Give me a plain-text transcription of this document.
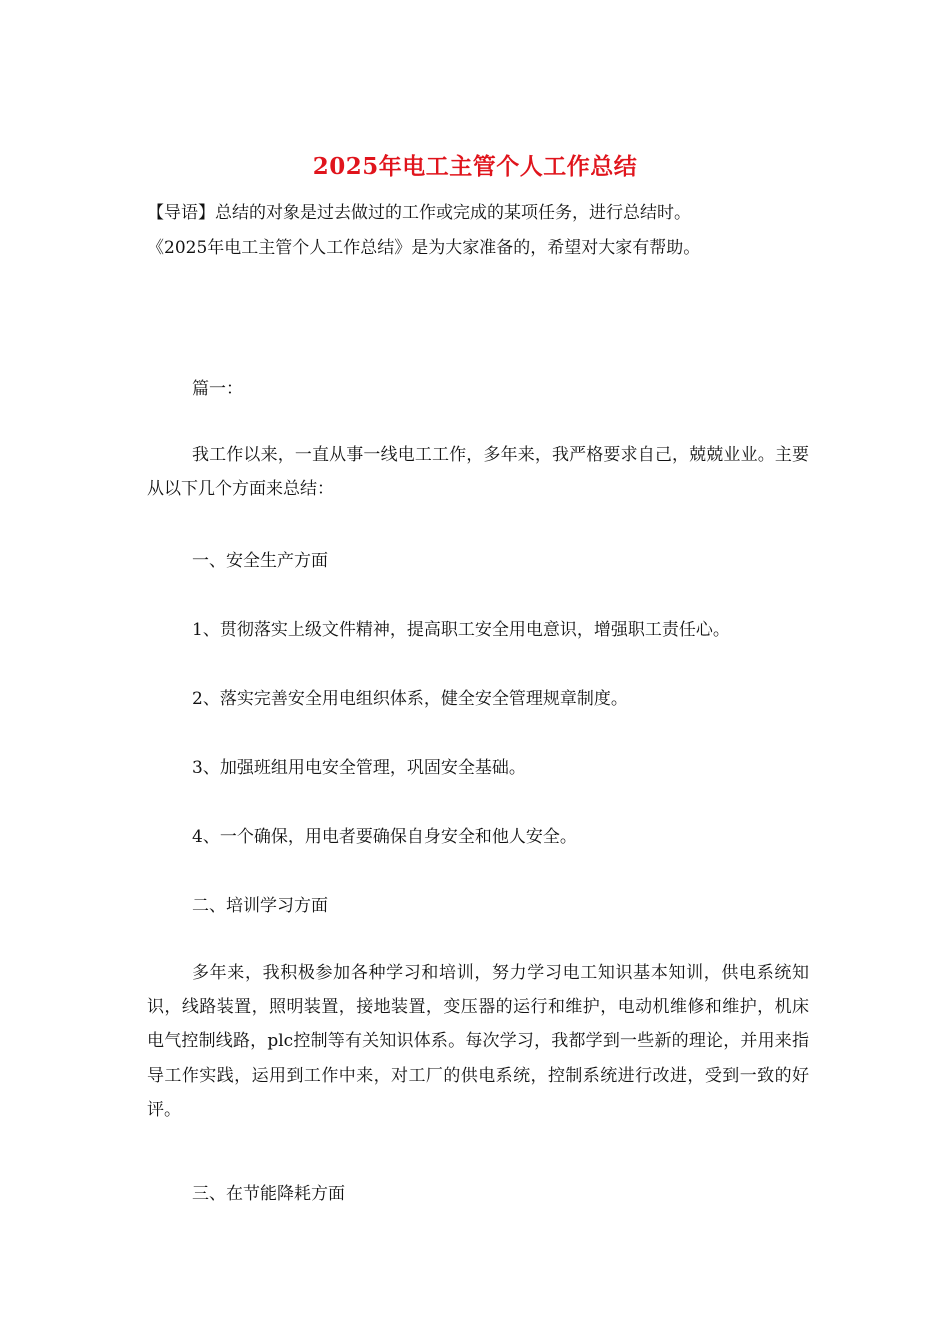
2025年电工主管个人工作总结
【导语】总结的对象是过去做过的工作或完成的某项任务，进行总结时。
《2025年电工主管个人工作总结》是为大家准备的，希望对大家有帮助。
篇一：
我工作以来，一直从事一线电工工作，多年来，我严格要求自己，兢兢业业。主要从以下几个方面来总结：
一、安全生产方面
1、贯彻落实上级文件精神，提高职工安全用电意识，增强职工责任心。
2、落实完善安全用电组织体系，健全安全管理规章制度。
3、加强班组用电安全管理，巩固安全基础。
4、一个确保，用电者要确保自身安全和他人安全。
二、培训学习方面
多年来，我积极参加各种学习和培训，努力学习电工知识基本知训，供电系统知识，线路装置，照明装置，接地装置，变压器的运行和维护，电动机维修和维护，机床电气控制线路，plc控制等有关知识体系。每次学习，我都学到一些新的理论，并用来指导工作实践，运用到工作中来，对工厂的供电系统，控制系统进行改进，受到一致的好评。
三、在节能降耗方面
